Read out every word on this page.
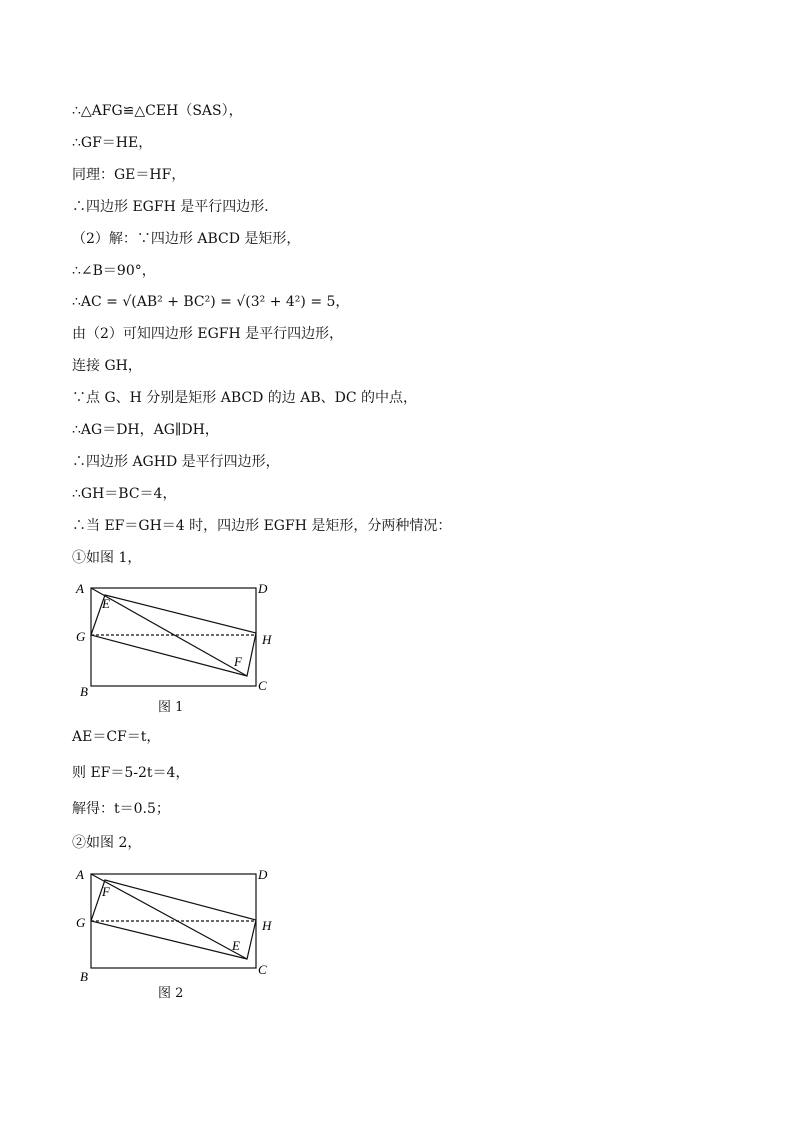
∴△AFG≌△CEH（SAS），
∴GF＝HE，
同理：GE＝HF，
∴四边形 EGFH 是平行四边形．
（2）解：∵四边形 ABCD 是矩形，
∴∠B＝90°，
∴AC = √(AB² + BC²) = √(3² + 4²) = 5，
由（2）可知四边形 EGFH 是平行四边形，
连接 GH，
∵点 G、H 分别是矩形 ABCD 的边 AB、DC 的中点，
∴AG＝DH，AG∥DH，
∴四边形 AGHD 是平行四边形，
∴GH＝BC＝4，
∴当 EF＝GH＝4 时，四边形 EGFH 是矩形，分两种情况：
①如图 1，
A	D
E
G	H
F
B	C
图 1
AE＝CF＝t，
则 EF＝5-2t＝4，
解得：t＝0.5；
②如图 2，
A	D
F
G	H
E
B	C
图 2
